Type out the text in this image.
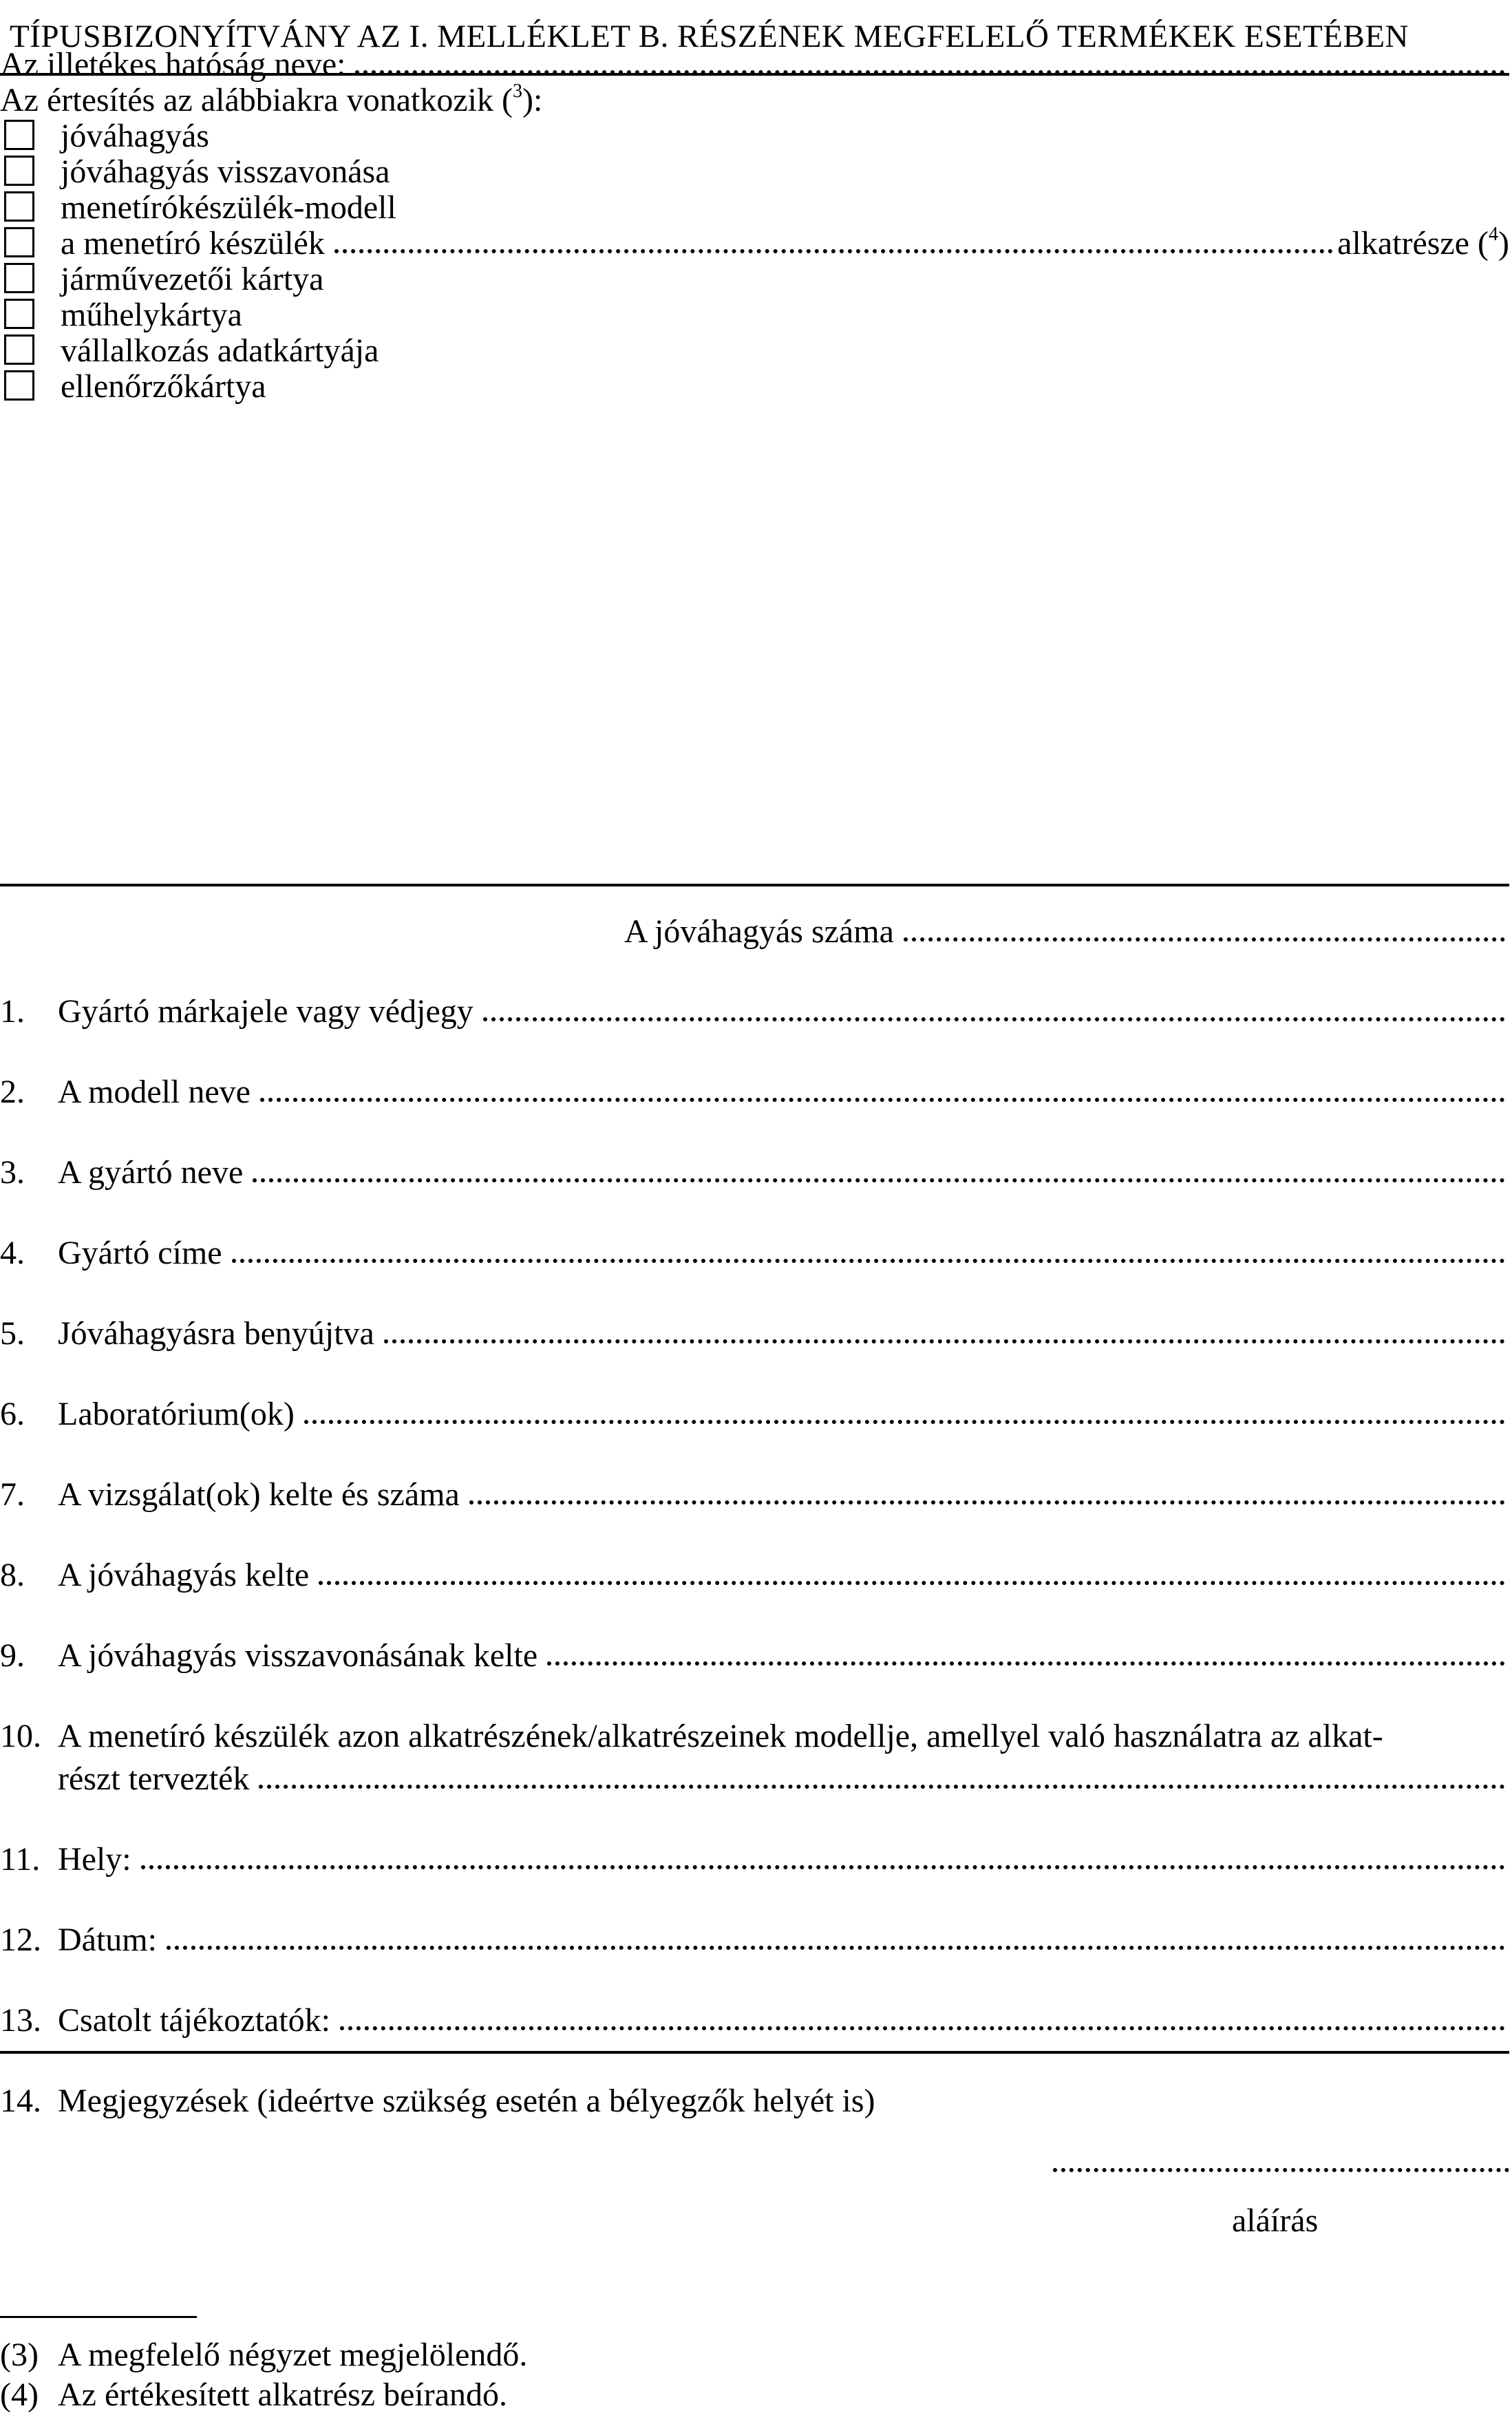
TÍPUSBIZONYÍTVÁNY AZ I. MELLÉKLET B. RÉSZÉNEK MEGFELELŐ TERMÉKEK ESETÉBEN
Az illetékes hatóság neve:
Az értesítés az alábbiakra vonatkozik ($^3$):
jóváhagyás
jóváhagyás visszavonása
menetírókészülék-modell
a menetíró készülék	alkatrésze ($^4$)
járművezetői kártya
műhelykártya
vállalkozás adatkártyája
ellenőrzőkártya
A jóváhagyás száma
1. Gyártó márkajele vagy védjegy
2. A modell neve
3. A gyártó neve
4. Gyártó címe
5. Jóváhagyásra benyújtva
6. Laboratórium(ok)
7. A vizsgálat(ok) kelte és száma
8. A jóváhagyás kelte
9. A jóváhagyás visszavonásának kelte
10. A menetíró készülék azon alkatrészének/alkatrészeinek modellje, amellyel való használatra az alkat-
részt tervezték
11. Hely:
12. Dátum:
13. Csatolt tájékoztatók:
14. Megjegyzések (ideértve szükség esetén a bélyegzők helyét is)
aláírás
(3) A megfelelő négyzet megjelölendő.
(4) Az értékesített alkatrész beírandó.
